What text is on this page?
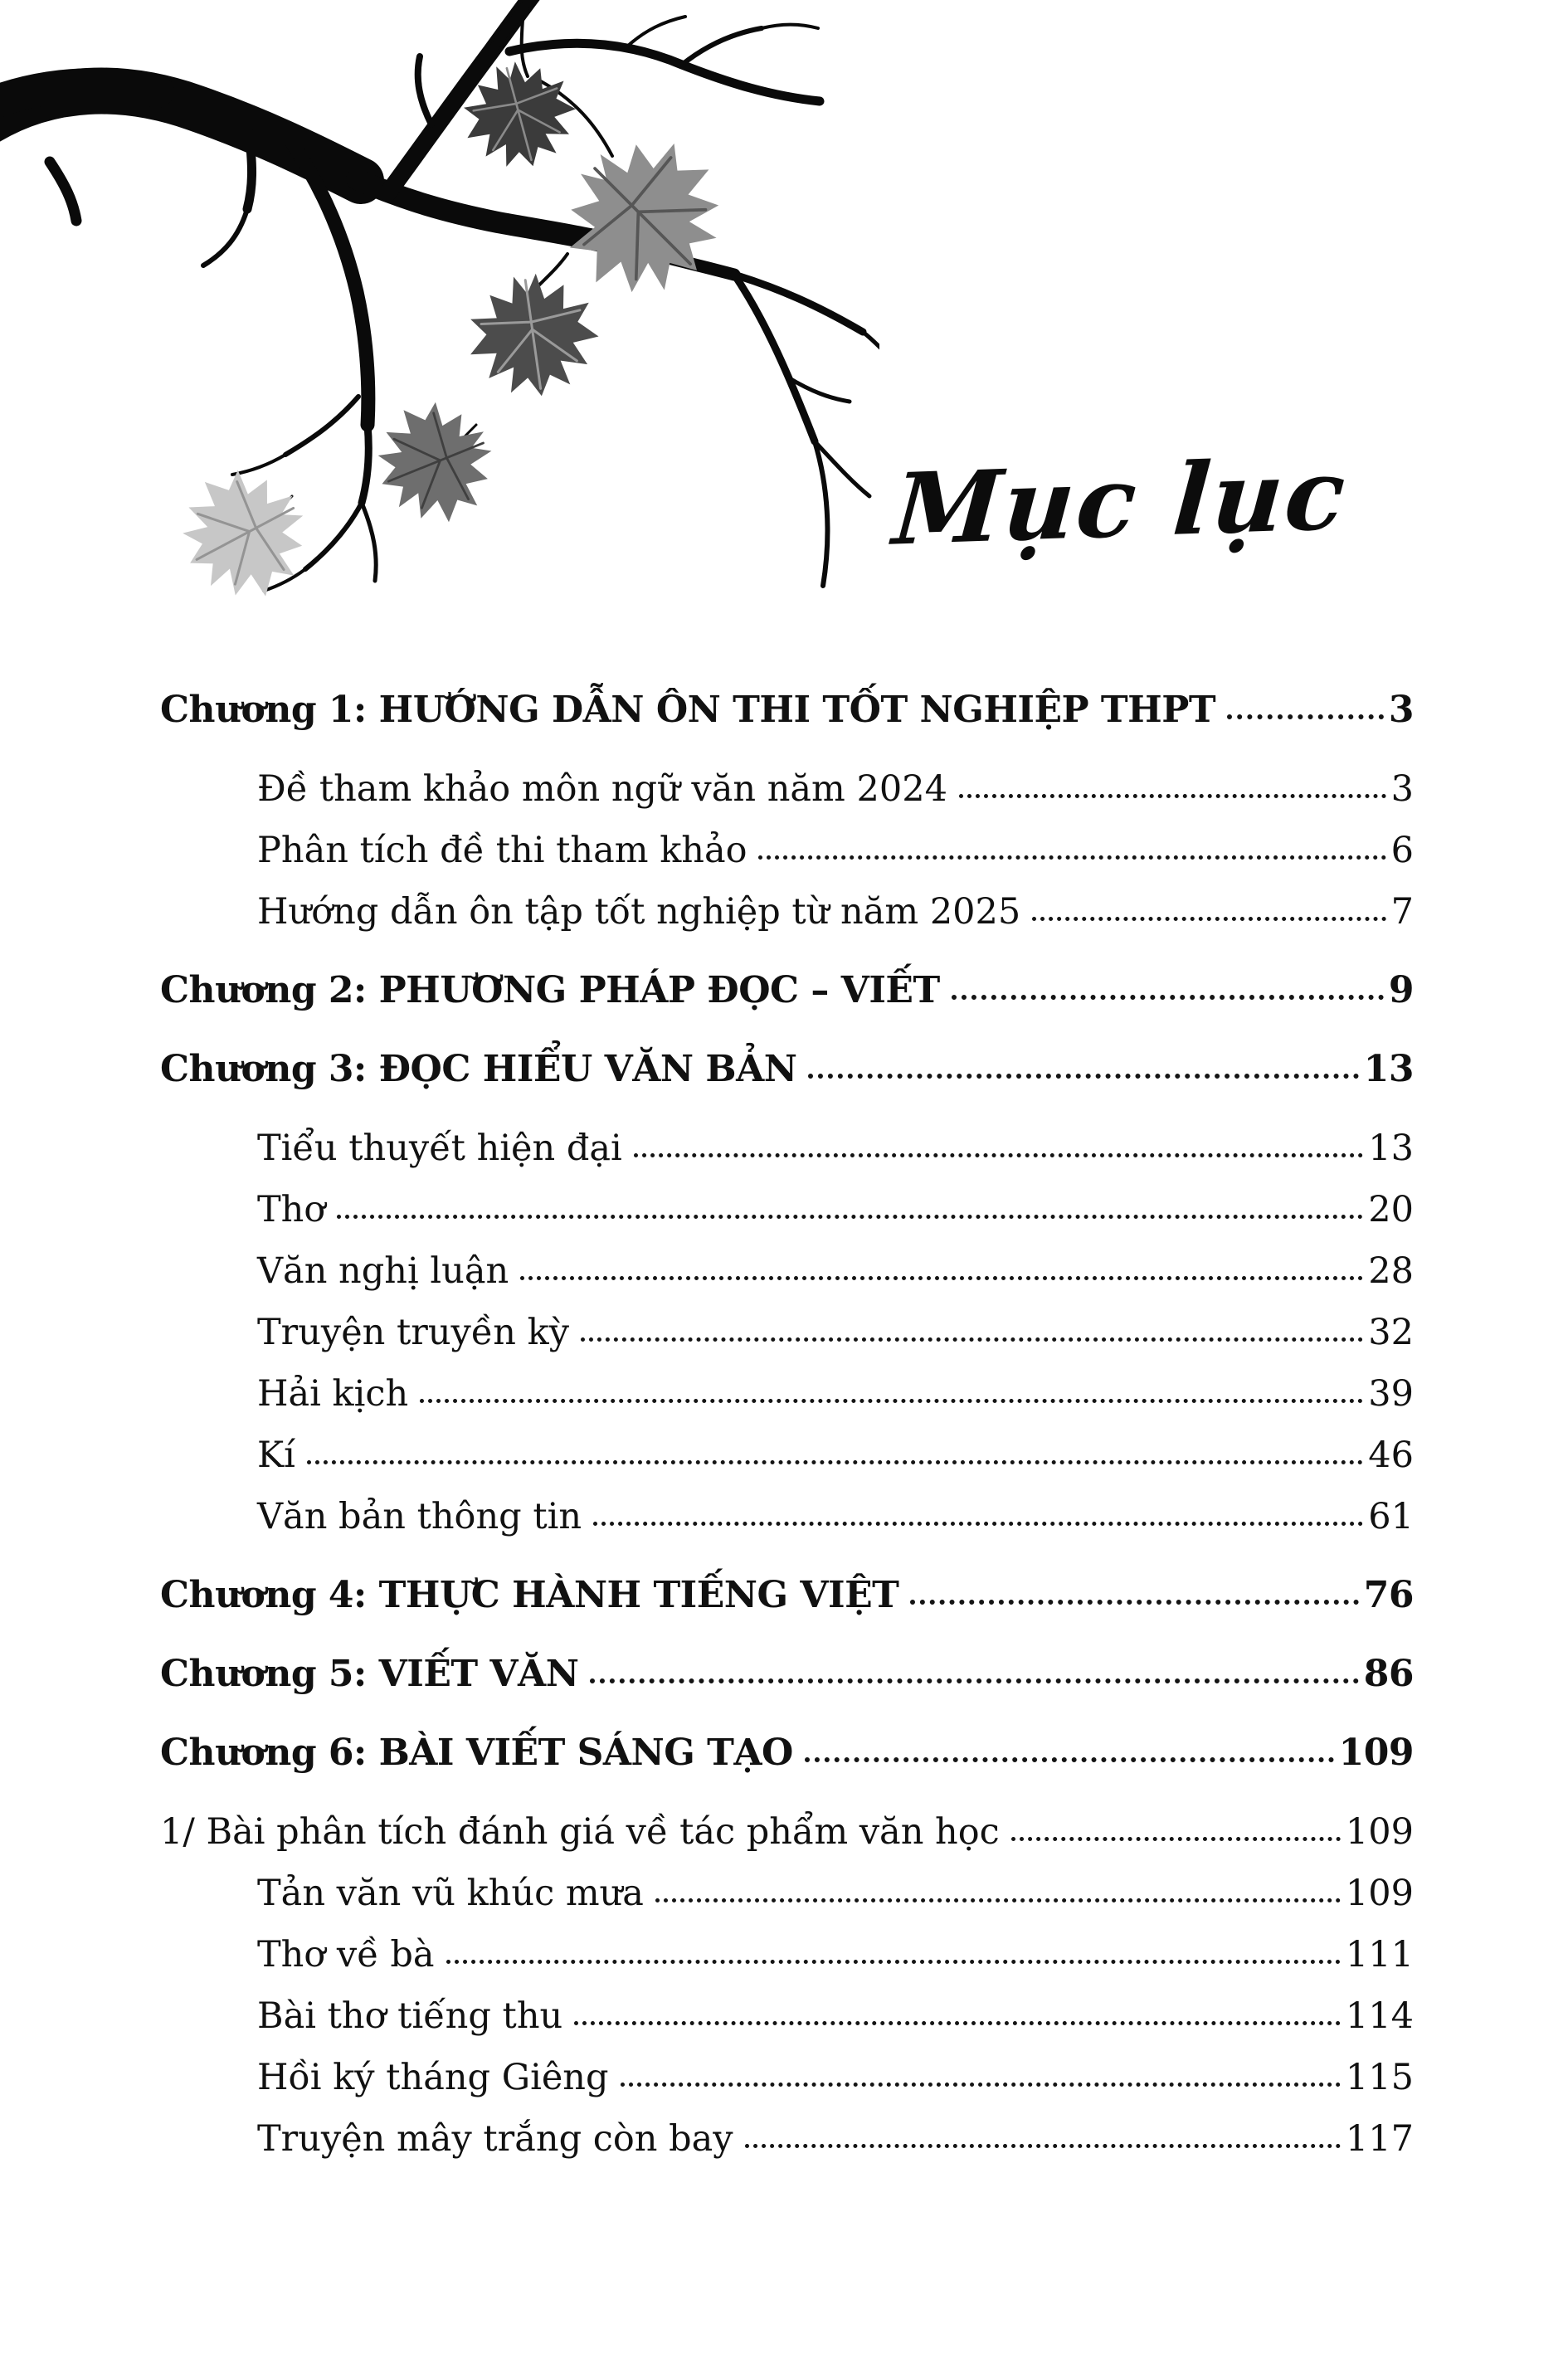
Mục lục
Chương 1: HƯỚNG DẪN ÔN THI TỐT NGHIỆP THPT	3
Đề tham khảo môn ngữ văn năm 2024	3
Phân tích đề thi tham khảo	6
Hướng dẫn ôn tập tốt nghiệp từ năm 2025	7
Chương 2: PHƯƠNG PHÁP ĐỌC – VIẾT	9
Chương 3: ĐỌC HIỂU VĂN BẢN	13
Tiểu thuyết hiện đại	13
Thơ	20
Văn nghị luận	28
Truyện truyền kỳ	32
Hải kịch	39
Kí	46
Văn bản thông tin	61
Chương 4: THỰC HÀNH TIẾNG VIỆT	76
Chương 5: VIẾT VĂN	86
Chương 6: BÀI VIẾT SÁNG TẠO	109
1/ Bài phân tích đánh giá về tác phẩm văn học	109
Tản văn vũ khúc mưa	109
Thơ về bà	111
Bài thơ tiếng thu	114
Hồi ký tháng Giêng	115
Truyện mây trắng còn bay	117
